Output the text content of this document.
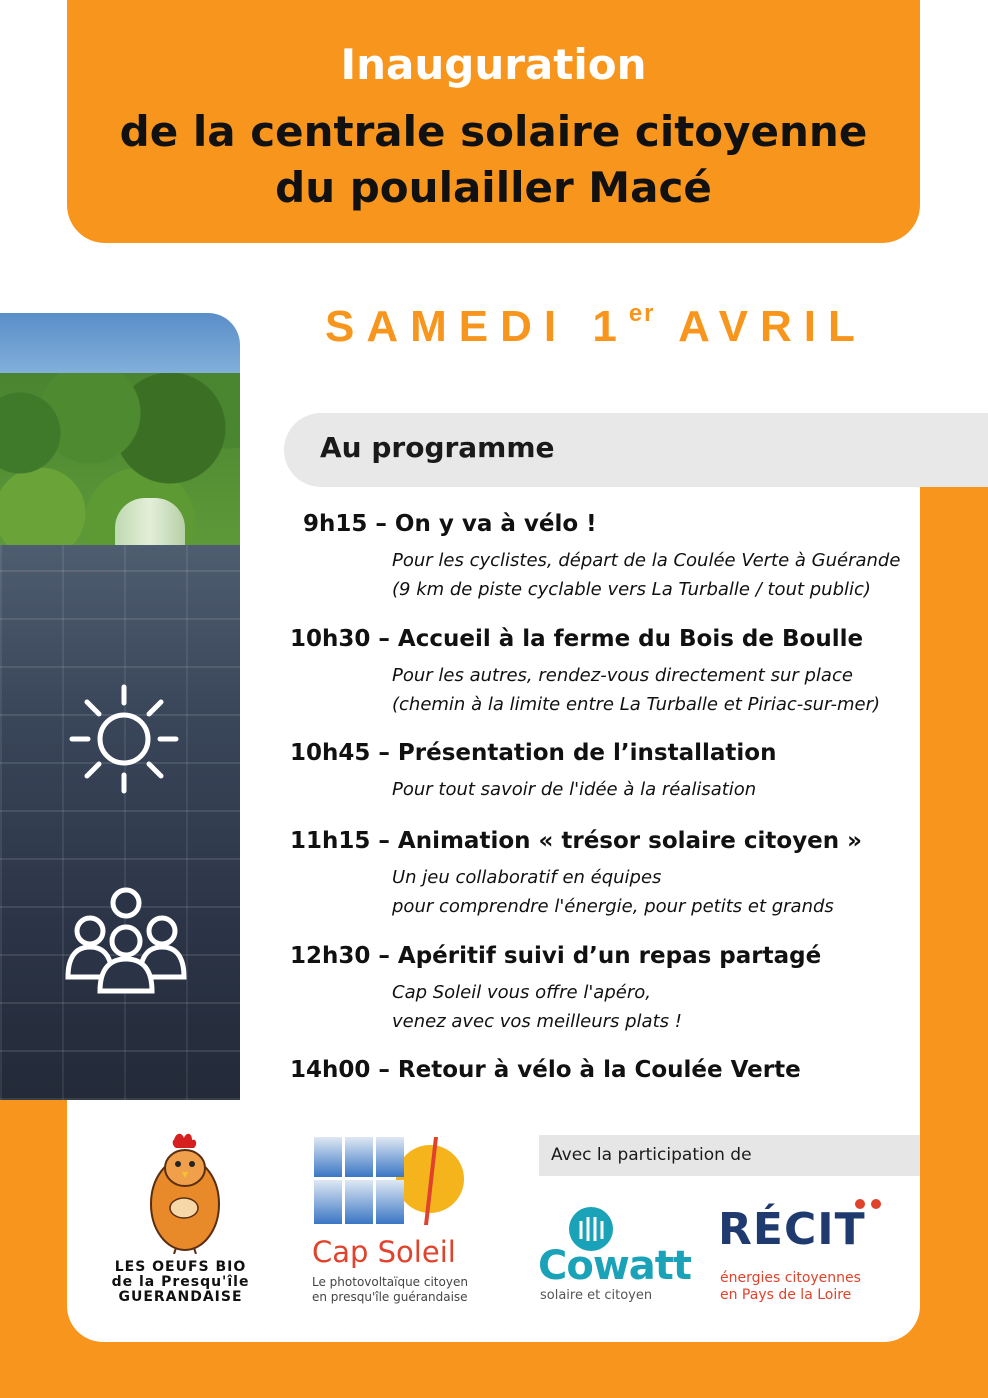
Inauguration
de la centrale solaire citoyenne
du poulailler Macé
SAMEDI 1er AVRIL
Au programme
9h15 – On y va à vélo !
Pour les cyclistes, départ de la Coulée Verte à Guérande
(9 km de piste cyclable vers La Turballe / tout public)
10h30 – Accueil à la ferme du Bois de Boulle
Pour les autres, rendez-vous directement sur place
(chemin à la limite entre La Turballe et Piriac-sur-mer)
10h45 – Présentation de l’installation
Pour tout savoir de l'idée à la réalisation
11h15 – Animation « trésor solaire citoyen »
Un jeu collaboratif en équipes
pour comprendre l'énergie, pour petits et grands
12h30 – Apéritif suivi d’un repas partagé
Cap Soleil vous offre l'apéro,
venez avec vos meilleurs plats !
14h00 – Retour à vélo à la Coulée Verte
Avec la participation de
LES OEUFS BIO
de la Presqu'île
GUERANDAISE
Cap Soleil
Le photovoltaïque citoyen
en presqu'île guérandaise
Cowatt
solaire et citoyen
RÉCIT
énergies citoyennes
en Pays de la Loire
